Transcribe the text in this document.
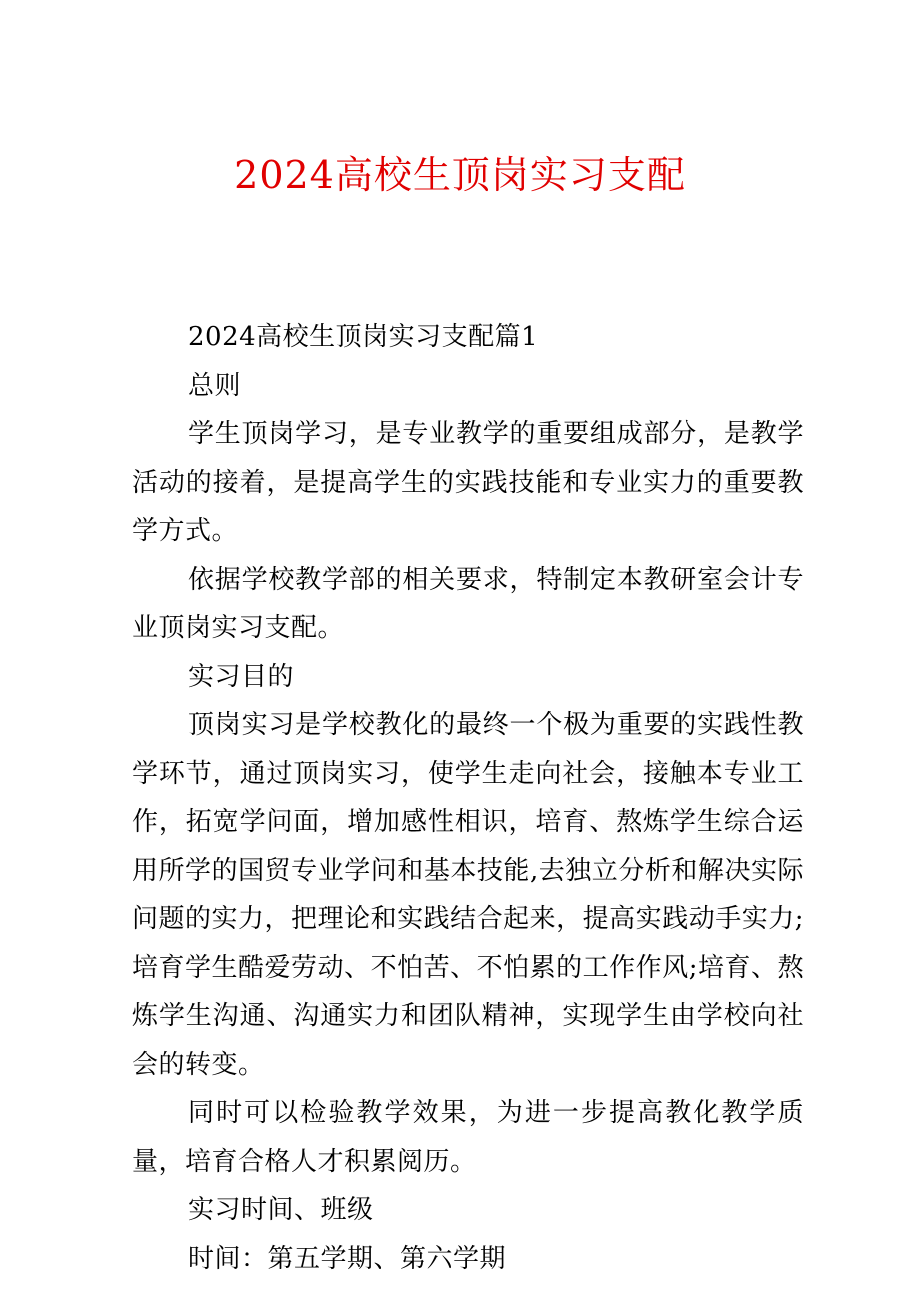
2024高校生顶岗实习支配

2024高校生顶岗实习支配篇1

总则

学生顶岗学习，是专业教学的重要组成部分，是教学活动的接着，是提高学生的实践技能和专业实力的重要教学方式。

依据学校教学部的相关要求，特制定本教研室会计专业顶岗实习支配。

实习目的

顶岗实习是学校教化的最终一个极为重要的实践性教学环节，通过顶岗实习，使学生走向社会，接触本专业工作，拓宽学问面，增加感性相识，培育、熬炼学生综合运用所学的国贸专业学问和基本技能,去独立分析和解决实际问题的实力，把理论和实践结合起来，提高实践动手实力;培育学生酷爱劳动、不怕苦、不怕累的工作作风;培育、熬炼学生沟通、沟通实力和团队精神，实现学生由学校向社会的转变。

同时可以检验教学效果，为进一步提高教化教学质量，培育合格人才积累阅历。

实习时间、班级

时间：第五学期、第六学期
